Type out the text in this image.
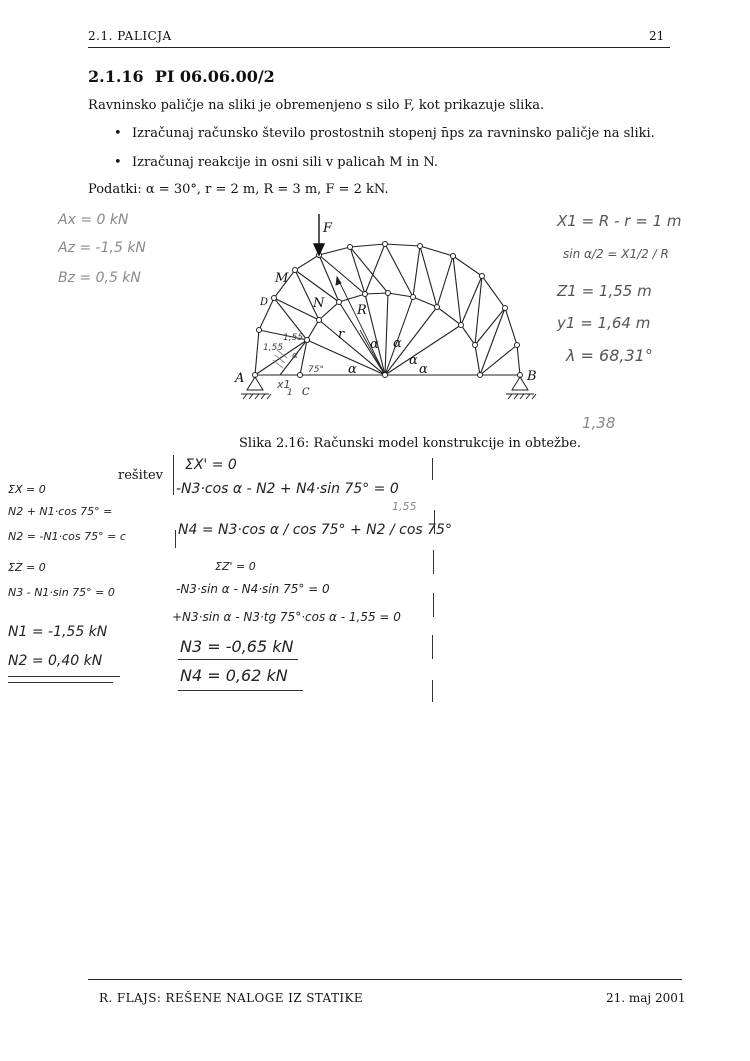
2.1. PALICJA	21
2.1.16  PI 06.06.00/2
Ravninsko paličje na sliki je obremenjeno s silo F, kot prikazuje slika.
• Izračunaj računsko število prostostnih stopenj n̄ps za ravninsko paličje na sliki.
• Izračunaj reakcije in osni sili v palicah M in N.
Podatki: α = 30°, r = 2 m, R = 3 m, F = 2 kN.
F
M
N	R
r
α
α α
α
α
A	B
C
D
1,55
1,55
75°
α
x1
1
Slika 2.16: Računski model konstrukcije in obtežbe.
Ax = 0 kN
Az = -1,5 kN
Bz = 0,5 kN
X1 = R - r = 1 m
sin α/2 = X1/2 / R
Z1 = 1,55 m
y1 = 1,64 m
λ = 68,31°
1,38
rešitev
ΣX = 0
N2 + N1·cos 75° =
N2 = -N1·cos 75° = c
ΣZ = 0
N3 - N1·sin 75° = 0
N1 = -1,55 kN
N2 = 0,40 kN
ΣX' = 0
-N3·cos α - N2 + N4·sin 75° = 0
N4 = N3·cos α / cos 75° + N2 / cos 75°
ΣZ' = 0
-N3·sin α - N4·sin 75° = 0
+N3·sin α - N3·tg 75°·cos α - 1,55 = 0
N3 = -0,65 kN
N4 = 0,62 kN
1,55
R. FLAJS: REŠENE NALOGE IZ STATIKE	21. maj 2001
